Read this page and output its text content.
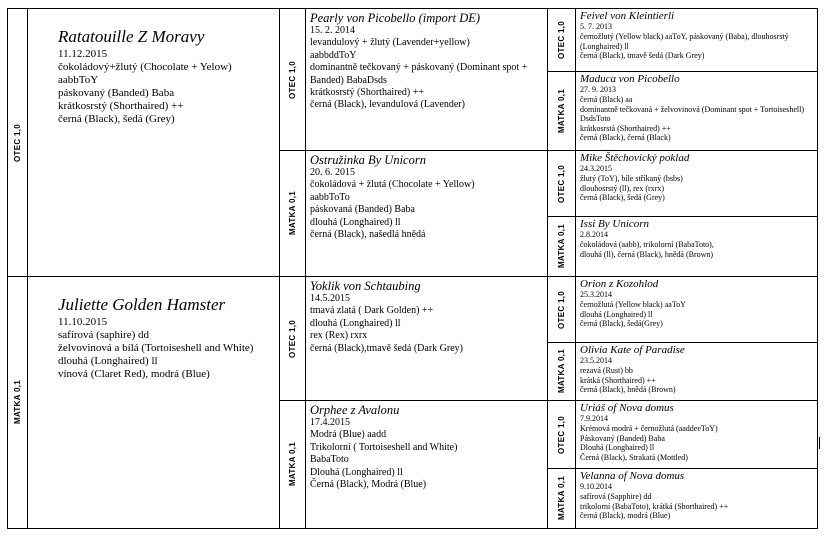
OTEC 1,0
MATKA 0,1
Ratatouille Z Moravy
11.12.2015
čokoládový+žlutý (Chocolate + Yelow)
aabbToY
páskovaný (Banded) Baba
krátkosrstý (Shorthaired) ++
černá (Black), šedá (Grey)
Juliette Golden Hamster
11.10.2015
safírová (saphire) dd
želvovinová a bílá (Tortoiseshell and White)
dlouhá (Longhaired) ll
vínová (Claret Red), modrá (Blue)
OTEC 1,0
MATKA 0,1
OTEC 1,0
MATKA 0,1
Pearly von Picobello (import DE)
15. 2. 2014
levandulový + žlutý (Lavender+yellow)
aabbddToY
dominantně tečkovaný + páskovaný (Dominant spot + Banded) BabaDsds
krátkosrstý (Shorthaired) ++
černá (Black), levandulová (Lavender)
Ostružinka By Unicorn
20. 6. 2015
čokoládová + žlutá (Chocolate + Yellow)
aabbToTo
páskovaná (Banded) Baba
dlouhá (Longhaired) ll
černá (Black), našedlá hnědá
Yoklik von Schtaubing
14.5.2015
tmavá zlatá ( Dark Golden) ++
dlouhá (Longhaired) ll
rex (Rex) rxrx
černá (Black),tmavě šedá (Dark Grey)
Orphee z Avalonu
17.4.2015
Modrá (Blue) aadd
Trikolorní ( Tortoiseshell and White) BabaToto
Dlouhá (Longhaired) ll
Černá (Black), Modrá (Blue)
OTEC 1,0
MATKA 0,1
OTEC 1,0
MATKA 0,1
OTEC 1,0
MATKA 0,1
OTEC 1,0
MATKA 0,1
Feivel von Kleintierli
5. 7. 2013
černožlutý (Yellow black) aaToY, páskovaný (Baba), dlouhosrstý (Longhaired) ll
černá (Black), tmavě šedá (Dark Grey)
Maduca von Picobello
27. 9. 2013
černá (Black) aa
dominantně tečkovaná + želvovinová (Dominant spot + Tortoiseshell) DsdsToto
krátkosrstá (Shorthaired) ++
černá (Black), černá (Black)
Mike Štěchovický poklad
24.3.2015
žlutý (ToY), bíle stříkaný (bsbs)
dlouhosrstý (ll), rex (rxrx)
černá (Black), šedá (Grey)
Issi By Unicorn
2.8.2014
čokoládová (aabb), trikolorní (BabaToto),
dlouhá (ll), černá (Black), hnědá (Brown)
Orion z Kozohlod
25.3.2014
černožlutá (Yellow black) aaToY
dlouhá (Longhaired) ll
černá (Black), šedá(Grey)
Olivia Kate of Paradise
23.5.2014
rezavá (Rust) bb
krátká (Shorthaired) ++
černá (Black), hnědá (Brown)
Uriáš of Nova domus
7.9.2014
Krémová modrá + černožlutá (aaddeeToY)
Páskovaný (Banded) Baba
Dlouhá (Longhaired) ll
Černá (Black), Strakatá (Mottled)
Velanna of Nova domus
9.10.2014
safírová (Sapphire) dd
trikolorní (BabaToto), krátká (Shorthaired) ++
černá (Black), modrá (Blue)
